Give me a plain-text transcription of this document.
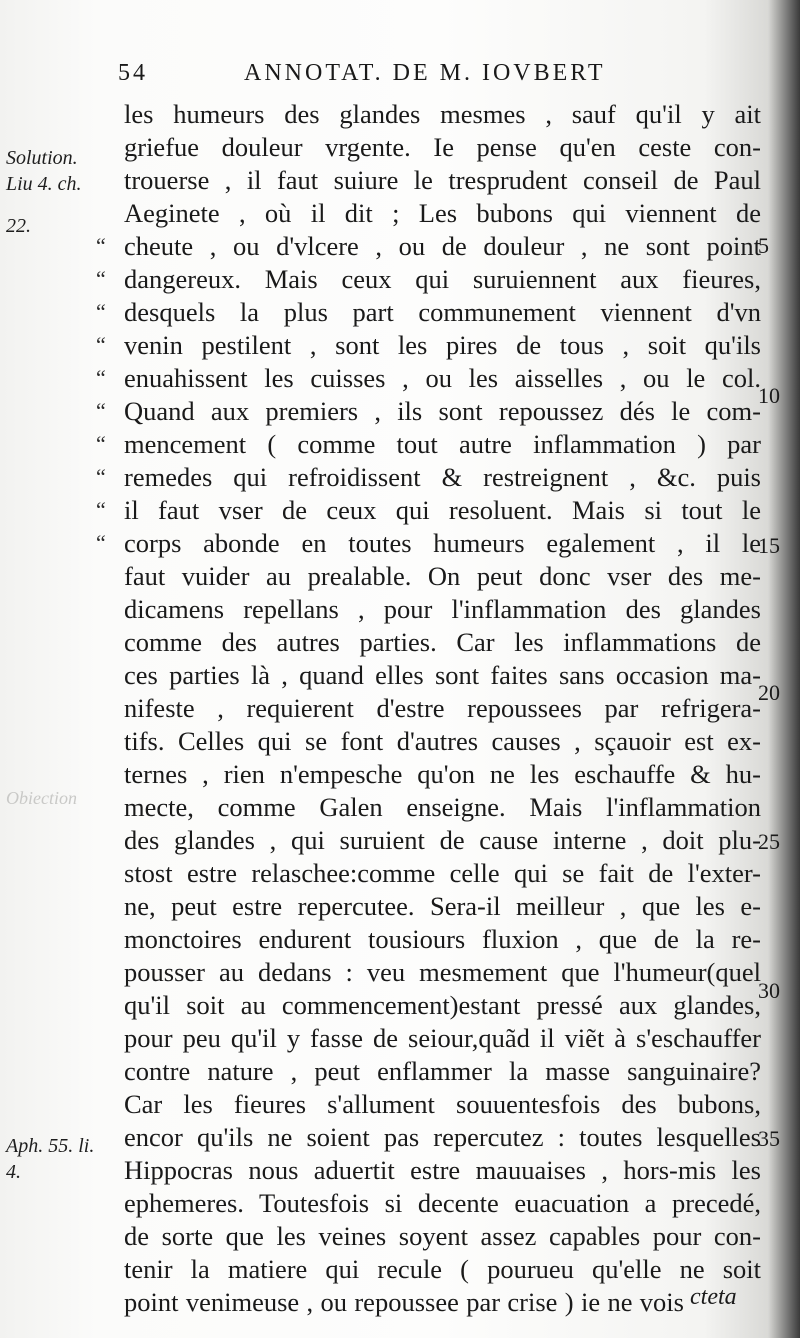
54	ANNOTAT. DE M. IOVBERT
Solution.
Liu 4. ch.
22.
Obiection
Aph. 55. li.
4.
les humeurs des glandes mesmes , sauf qu'il y ait
griefue douleur vrgente. Ie pense qu'en ceste con-
trouerse , il faut suiure le tresprudent conseil de Paul
Aeginete , où il dit ; Les bubons qui viennent de
cheute , ou d'vlcere , ou de douleur , ne sont point
dangereux. Mais ceux qui suruiennent aux fieures,
desquels la plus part communement viennent d'vn
venin pestilent , sont les pires de tous , soit qu'ils
enuahissent les cuisses , ou les aisselles , ou le col.
Quand aux premiers , ils sont repoussez dés le com-
mencement ( comme tout autre inflammation ) par
remedes qui refroidissent & restreignent , &c. puis
il faut vser de ceux qui resoluent. Mais si tout le
corps abonde en toutes humeurs egalement , il le
faut vuider au prealable. On peut donc vser des me-
dicamens repellans , pour l'inflammation des glandes
comme des autres parties. Car les inflammations de
ces parties là , quand elles sont faites sans occasion ma-
nifeste , requierent d'estre repoussees par refrigera-
tifs. Celles qui se font d'autres causes , sçauoir est ex-
ternes , rien n'empesche qu'on ne les eschauffe & hu-
mecte, comme Galen enseigne. Mais l'inflammation
des glandes , qui suruient de cause interne , doit plu-
stost estre relaschee:comme celle qui se fait de l'exter-
ne, peut estre repercutee. Sera-il meilleur , que les e-
monctoires endurent tousiours fluxion , que de la re-
pousser au dedans : veu mesmement que l'humeur(quel
qu'il soit au commencement)estant pressé aux glandes,
pour peu qu'il y fasse de seiour,quãd il viẽt à s'eschauffer
contre nature , peut enflammer la masse sanguinaire?
Car les fieures s'allument souuentesfois des bubons,
encor qu'ils ne soient pas repercutez : toutes lesquelles
Hippocras nous aduertit estre mauuaises , hors-mis les
ephemeres. Toutesfois si decente euacuation a precedé,
de sorte que les veines soyent assez capables pour con-
tenir la matiere qui recule ( pourueu qu'elle ne soit
point venimeuse , ou repoussee par crise ) ie ne vois
“
“
“
“
“
“
“
“
“
“
5
10
15
20
25
30
35
cteta
